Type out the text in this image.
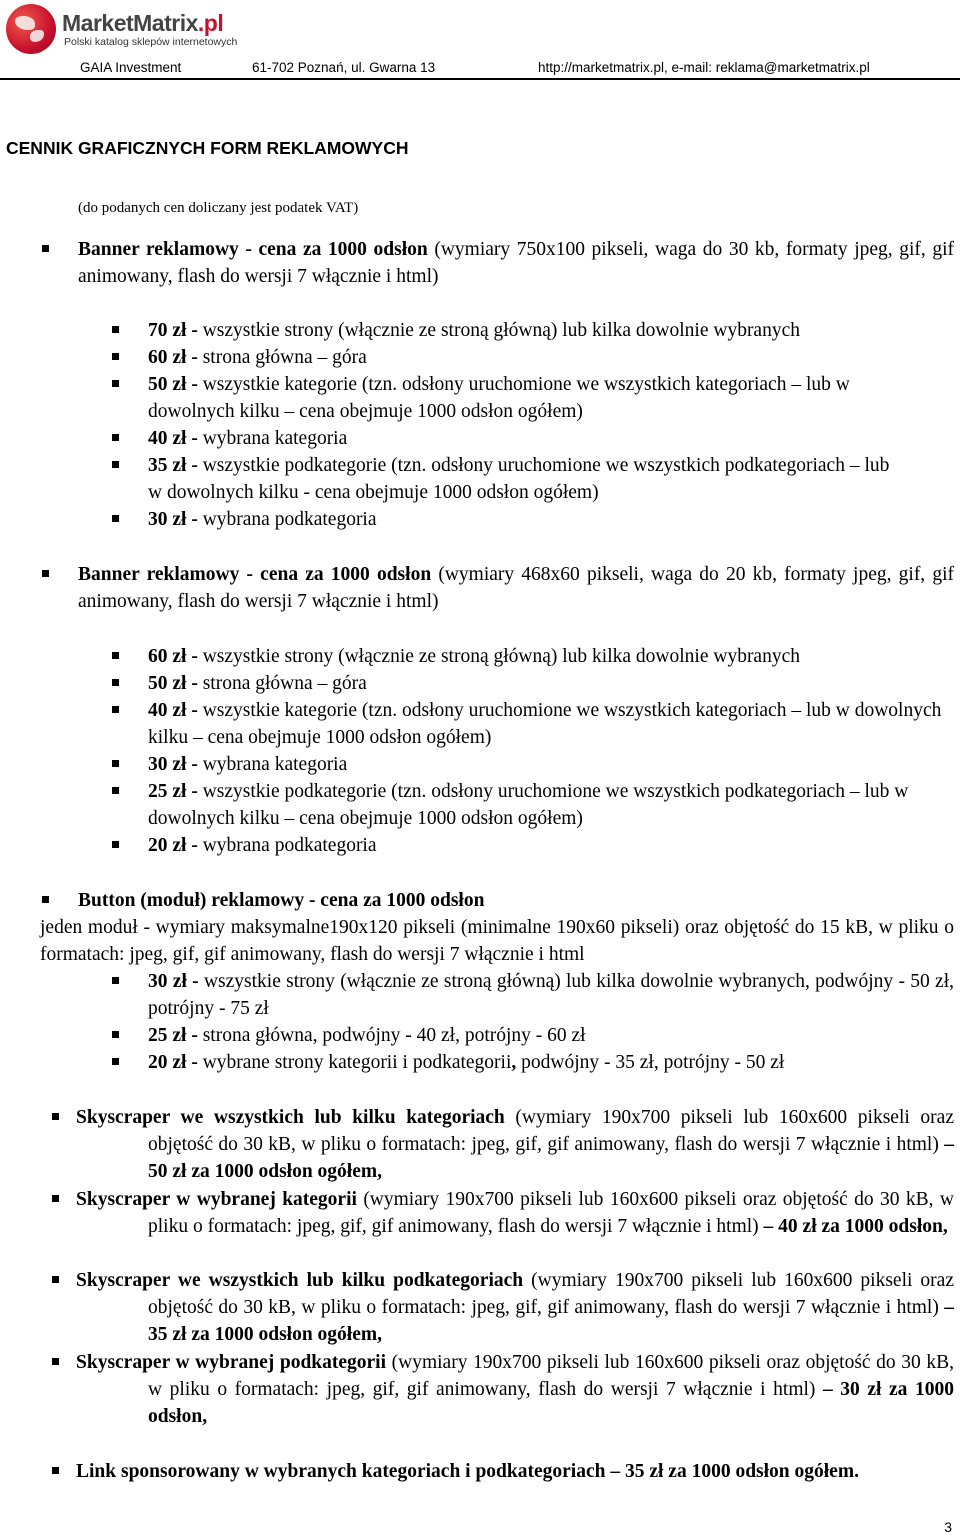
MarketMatrix.pl
Polski katalog sklepów internetowych
GAIA Investment	61-702 Poznań, ul. Gwarna 13	http://marketmatrix.pl, e-mail: reklama@marketmatrix.pl
CENNIK GRAFICZNYCH FORM REKLAMOWYCH
(do podanych cen doliczany jest podatek VAT)
Banner reklamowy - cena za 1000 odsłon (wymiary 750x100 pikseli, waga do 30 kb, formaty jpeg, gif, gif animowany, flash do wersji 7 włącznie i html)
70 zł - wszystkie strony (włącznie ze stroną główną) lub kilka dowolnie wybranych
60 zł - strona główna – góra
50 zł - wszystkie kategorie (tzn. odsłony uruchomione we wszystkich kategoriach – lub w dowolnych kilku – cena obejmuje 1000 odsłon ogółem)
40 zł - wybrana kategoria
35 zł - wszystkie podkategorie (tzn. odsłony uruchomione we wszystkich podkategoriach – lub w dowolnych kilku - cena obejmuje 1000 odsłon ogółem)
30 zł - wybrana podkategoria
Banner reklamowy - cena za 1000 odsłon (wymiary 468x60 pikseli, waga do 20 kb, formaty jpeg, gif, gif animowany, flash do wersji 7 włącznie i html)
60 zł - wszystkie strony (włącznie ze stroną główną) lub kilka dowolnie wybranych
50 zł - strona główna – góra
40 zł - wszystkie kategorie (tzn. odsłony uruchomione we wszystkich kategoriach – lub w dowolnych kilku – cena obejmuje 1000 odsłon ogółem)
30 zł - wybrana kategoria
25 zł - wszystkie podkategorie (tzn. odsłony uruchomione we wszystkich podkategoriach – lub w dowolnych kilku – cena obejmuje 1000 odsłon ogółem)
20 zł - wybrana podkategoria
Button (moduł) reklamowy - cena za 1000 odsłon
jeden moduł - wymiary maksymalne190x120 pikseli (minimalne 190x60 pikseli) oraz objętość do 15 kB, w pliku o formatach: jpeg, gif, gif animowany, flash do wersji 7 włącznie i html
30 zł - wszystkie strony (włącznie ze stroną główną) lub kilka dowolnie wybranych, podwójny - 50 zł, potrójny - 75 zł
25 zł - strona główna, podwójny - 40 zł, potrójny - 60 zł
20 zł - wybrane strony kategorii i podkategorii, podwójny - 35 zł, potrójny - 50 zł
Skyscraper we wszystkich lub kilku kategoriach (wymiary 190x700 pikseli lub 160x600 pikseli oraz objętość do 30 kB, w pliku o formatach: jpeg, gif, gif animowany, flash do wersji 7 włącznie i html) – 50 zł za 1000 odsłon ogółem,
Skyscraper w wybranej kategorii (wymiary 190x700 pikseli lub 160x600 pikseli oraz objętość do 30 kB, w pliku o formatach: jpeg, gif, gif animowany, flash do wersji 7 włącznie i html) – 40 zł za 1000 odsłon,
Skyscraper we wszystkich lub kilku podkategoriach (wymiary 190x700 pikseli lub 160x600 pikseli oraz objętość do 30 kB, w pliku o formatach: jpeg, gif, gif animowany, flash do wersji 7 włącznie i html) – 35 zł za 1000 odsłon ogółem,
Skyscraper w wybranej podkategorii (wymiary 190x700 pikseli lub 160x600 pikseli oraz objętość do 30 kB, w pliku o formatach: jpeg, gif, gif animowany, flash do wersji 7 włącznie i html) – 30 zł za 1000 odsłon,
Link sponsorowany w wybranych kategoriach i podkategoriach – 35 zł za 1000 odsłon ogółem.
3
